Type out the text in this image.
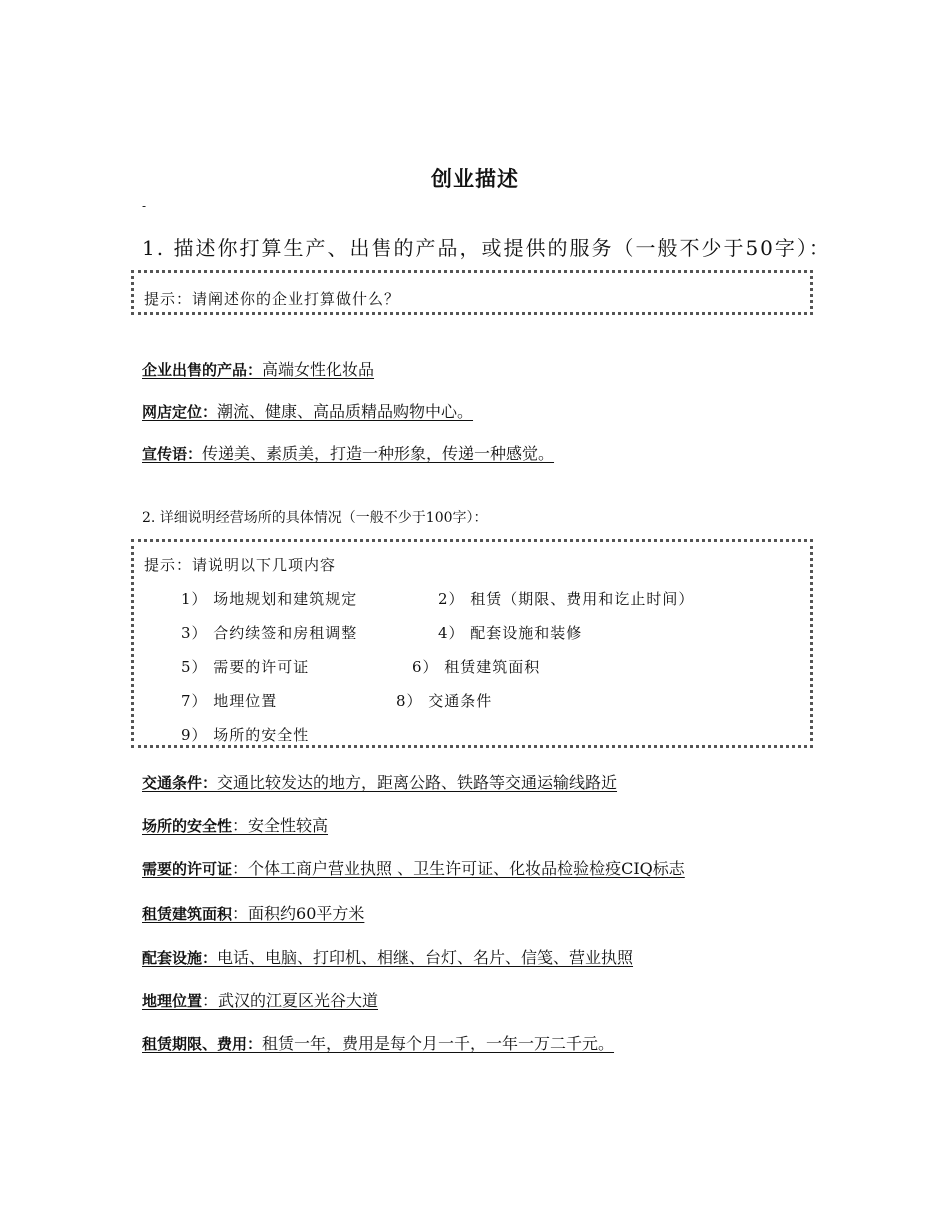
创业描述
-
1. 描述你打算生产、出售的产品，或提供的服务（一般不少于50字）：
提示：请阐述你的企业打算做什么？
企业出售的产品：高端女性化妆品
网店定位：潮流、健康、高品质精品购物中心。
宣传语：传递美、素质美，打造一种形象，传递一种感觉。
2. 详细说明经营场所的具体情况（一般不少于100字）：
提示：请说明以下几项内容
1） 场地规划和建筑规定	2） 租赁（期限、费用和讫止时间）
3） 合约续签和房租调整	4） 配套设施和装修
5） 需要的许可证	6） 租赁建筑面积
7） 地理位置	8） 交通条件
9） 场所的安全性
交通条件：交通比较发达的地方，距离公路、铁路等交通运输线路近
场所的安全性：安全性较高
需要的许可证：个体工商户营业执照 、卫生许可证、化妆品检验检疫CIQ标志
租赁建筑面积：面积约60平方米
配套设施：电话、电脑、打印机、相继、台灯、名片、信笺、营业执照
地理位置：武汉的江夏区光谷大道
租赁期限、费用：租赁一年，费用是每个月一千，一年一万二千元。
